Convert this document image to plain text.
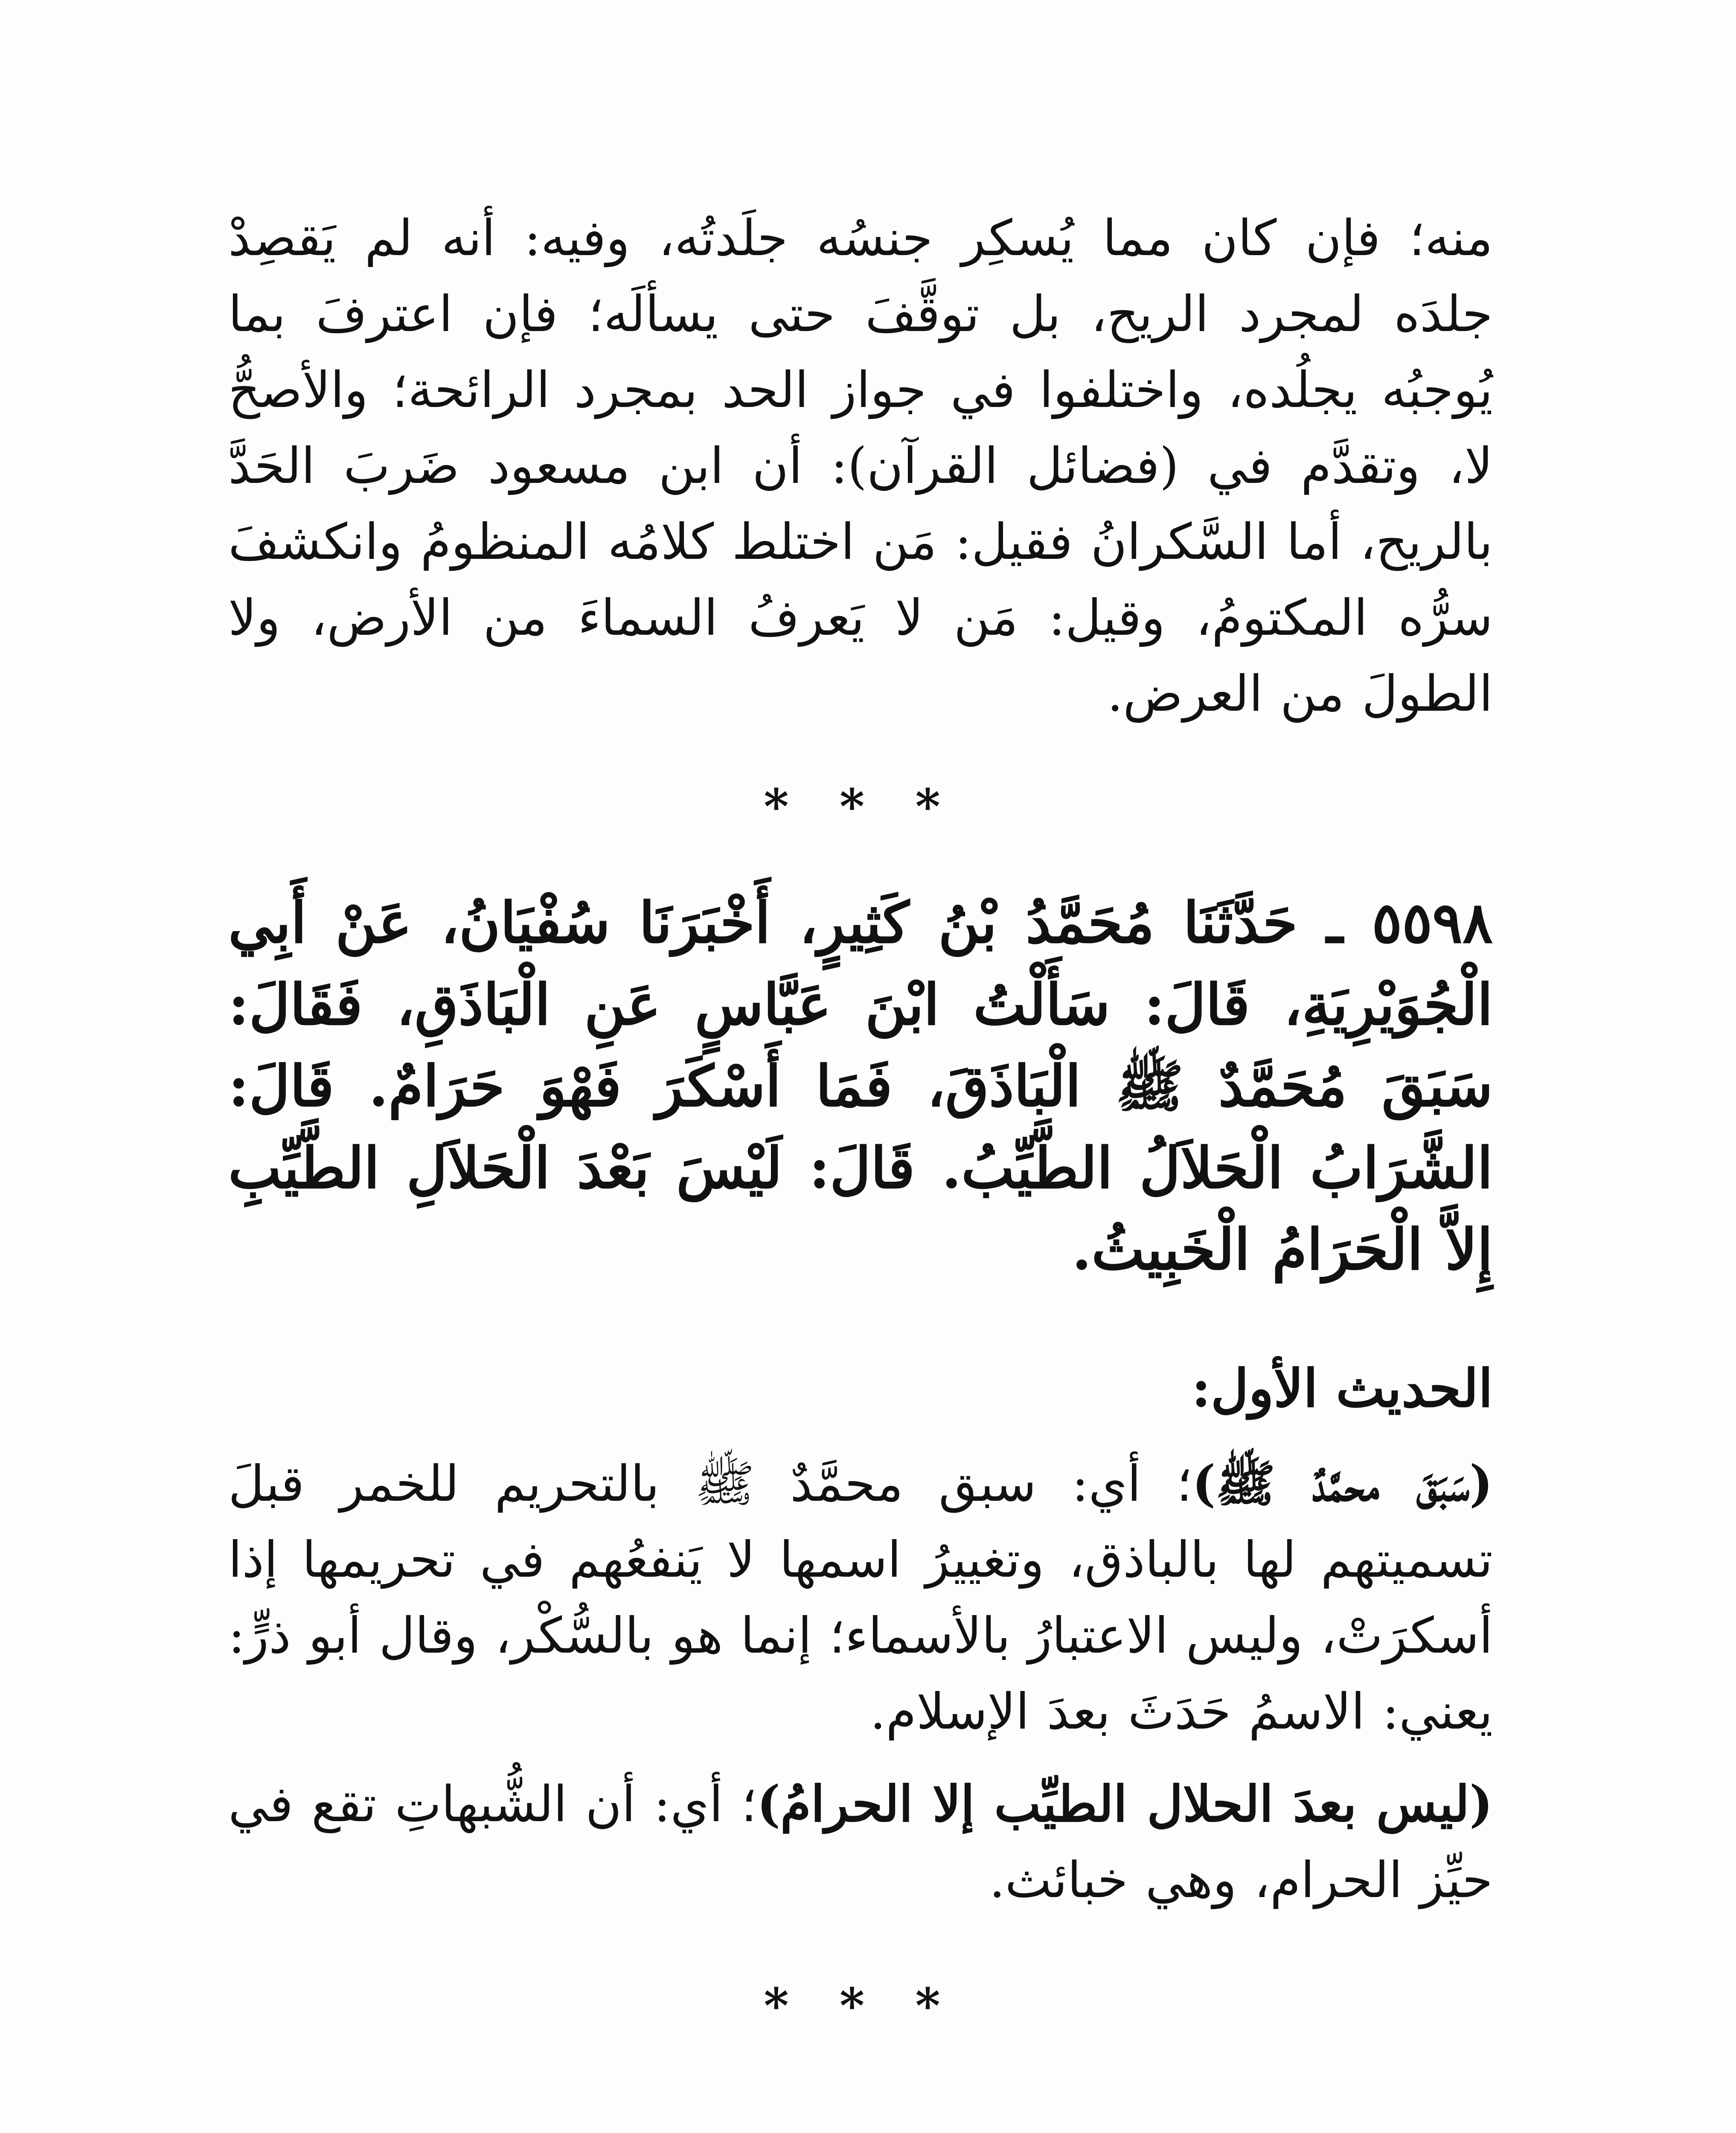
منه؛ فإن كان مما يُسكِر جنسُه جلَدتُه، وفيه: أنه لم يَقصِدْ جلدَه لمجرد الريح، بل توقَّفَ حتى يسألَه؛ فإن اعترفَ بما يُوجبُه يجلُده، واختلفوا في جواز الحد بمجرد الرائحة؛ والأصحُّ لا، وتقدَّم في (فضائل القرآن): أن ابن مسعود ضَربَ الحَدَّ بالريح، أما السَّكرانُ فقيل: مَن اختلط كلامُه المنظومُ وانكشفَ سرُّه المكتومُ، وقيل: مَن لا يَعرفُ السماءَ من الأرض، ولا الطولَ من العرض.

* * *

٥٥٩٨ ـ حَدَّثَنَا مُحَمَّدُ بْنُ كَثِيرٍ، أَخْبَرَنَا سُفْيَانُ، عَنْ أَبِي الْجُوَيْرِيَةِ، قَالَ: سَأَلْتُ ابْنَ عَبَّاسٍ عَنِ الْبَاذَقِ، فَقَالَ: سَبَقَ مُحَمَّدٌ ﷺ الْبَاذَقَ، فَمَا أَسْكَرَ فَهْوَ حَرَامٌ. قَالَ: الشَّرَابُ الْحَلاَلُ الطَّيِّبُ. قَالَ: لَيْسَ بَعْدَ الْحَلاَلِ الطَّيِّبِ إِلاَّ الْحَرَامُ الْخَبِيثُ.

الحديث الأول:

(سَبَقَ محمَّدٌ ﷺ)؛ أي: سبق محمَّدٌ ﷺ بالتحريم للخمر قبلَ تسميتهم لها بالباذق، وتغييرُ اسمها لا يَنفعُهم في تحريمها إذا أسكرَتْ، وليس الاعتبارُ بالأسماء؛ إنما هو بالسُّكْر، وقال أبو ذرٍّ: يعني: الاسمُ حَدَثَ بعدَ الإسلام.

(ليس بعدَ الحلال الطيِّب إلا الحرامُ)؛ أي: أن الشُّبهاتِ تقع في حيِّز الحرام، وهي خبائث.

* * *
